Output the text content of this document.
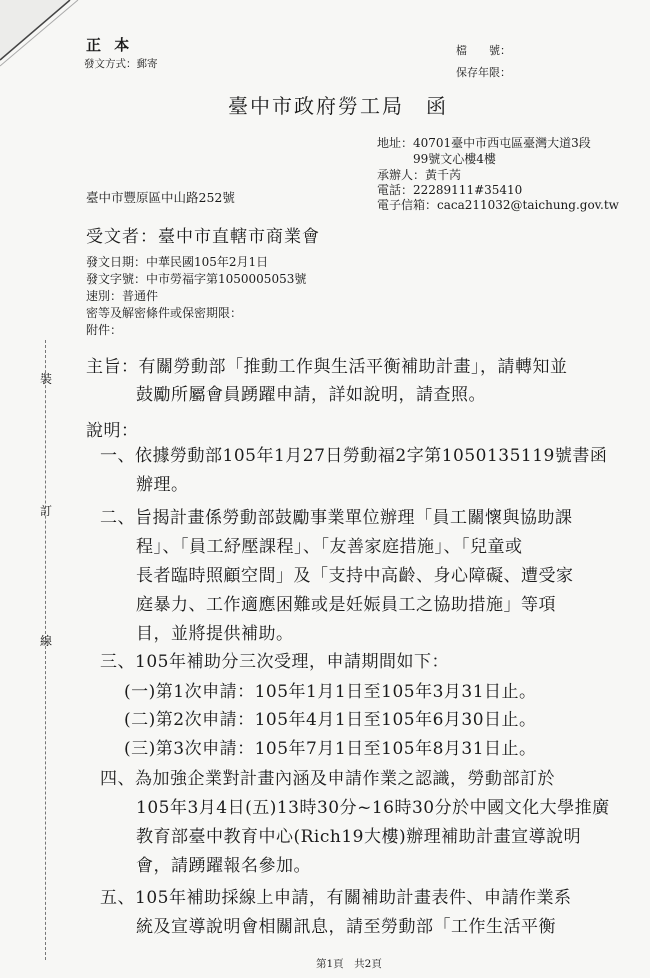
正 本
發文方式：郵寄
檔　　號：
保存年限：
臺中市政府勞工局　函
地址：40701臺中市西屯區臺灣大道3段
99號文心樓4樓
承辦人：黃千芮
電話：22289111#35410
電子信箱：caca211032@taichung.gov.tw
臺中市豐原區中山路252號
受文者：臺中市直轄市商業會
發文日期：中華民國105年2月1日
發文字號：中市勞福字第1050005053號
速別：普通件
密等及解密條件或保密期限：
附件：
裝
訂
線
主旨：有關勞動部「推動工作與生活平衡補助計畫」，請轉知並
鼓勵所屬會員踴躍申請，詳如說明，請查照。
說明：
一、依據勞動部105年1月27日勞動福2字第1050135119號書函
辦理。
二、旨揭計畫係勞動部鼓勵事業單位辦理「員工關懷與協助課
程」、「員工紓壓課程」、「友善家庭措施」、「兒童或
長者臨時照顧空間」及「支持中高齡、身心障礙、遭受家
庭暴力、工作適應困難或是妊娠員工之協助措施」等項
目，並將提供補助。
三、105年補助分三次受理，申請期間如下：
(一)第1次申請：105年1月1日至105年3月31日止。
(二)第2次申請：105年4月1日至105年6月30日止。
(三)第3次申請：105年7月1日至105年8月31日止。
四、為加強企業對計畫內涵及申請作業之認識，勞動部訂於
105年3月4日(五)13時30分~16時30分於中國文化大學推廣
教育部臺中教育中心(Rich19大樓)辦理補助計畫宣導說明
會，請踴躍報名參加。
五、105年補助採線上申請，有關補助計畫表件、申請作業系
統及宣導說明會相關訊息，請至勞動部「工作生活平衡
第1頁　共2頁
